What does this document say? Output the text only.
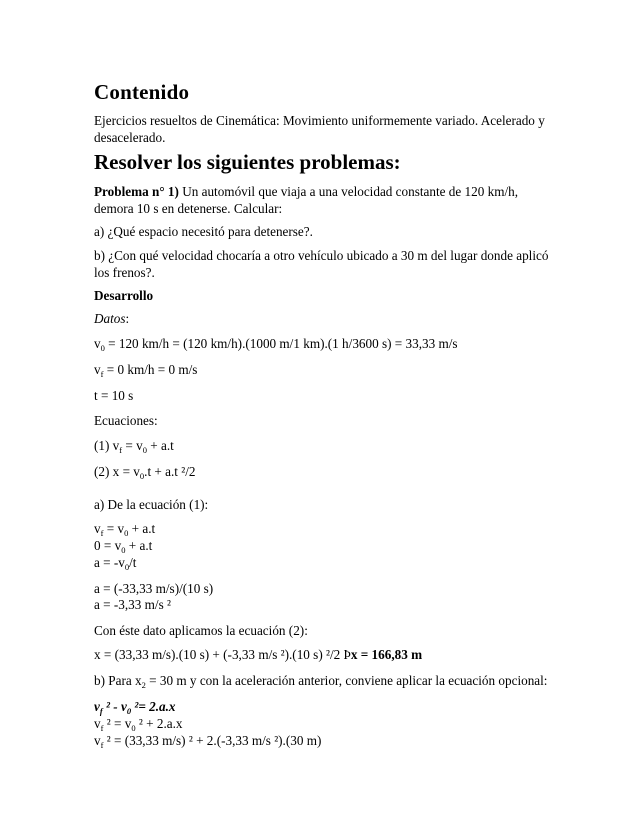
Contenido
Ejercicios resueltos de Cinemática: Movimiento uniformemente variado. Acelerado y desacelerado.
Resolver los siguientes problemas:
Problema n° 1) Un automóvil que viaja a una velocidad constante de 120 km/h, demora 10 s en detenerse. Calcular:
a) ¿Qué espacio necesitó para detenerse?.
b) ¿Con qué velocidad chocaría a otro vehículo ubicado a 30 m del lugar donde aplicó los frenos?.
Desarrollo
Datos:
$v_0 = 120$ km/h = (120 km/h).(1000 m/1 km).(1 h/3600 s) = 33,33 m/s
$v_f = 0$ km/h = 0 m/s
t = 10 s
Ecuaciones:
(1) $v_f = v_0 + a.t$
(2) $x = v_0.t + a.t$ ²/2
a) De la ecuación (1):
$v_f = v_0 + a.t$
$0 = v_0 + a.t$
$a = -v_0/t$
a = (-33,33 m/s)/(10 s)
a = -3,33 m/s ²
Con éste dato aplicamos la ecuación (2):
x = (33,33 m/s).(10 s) + (-3,33 m/s ²).(10 s) ²/2 Þx = 166,83 m
b) Para $x_2 = 30$ m y con la aceleración anterior, conviene aplicar la ecuación opcional:
$v_f$ $^2 - v_0$ ²= 2.a.x
$v_f$ $^2 = v_0$ ² + 2.a.x
$v_f$ ² = (33,33 m/s) ² + 2.(-3,33 m/s ²).(30 m)
